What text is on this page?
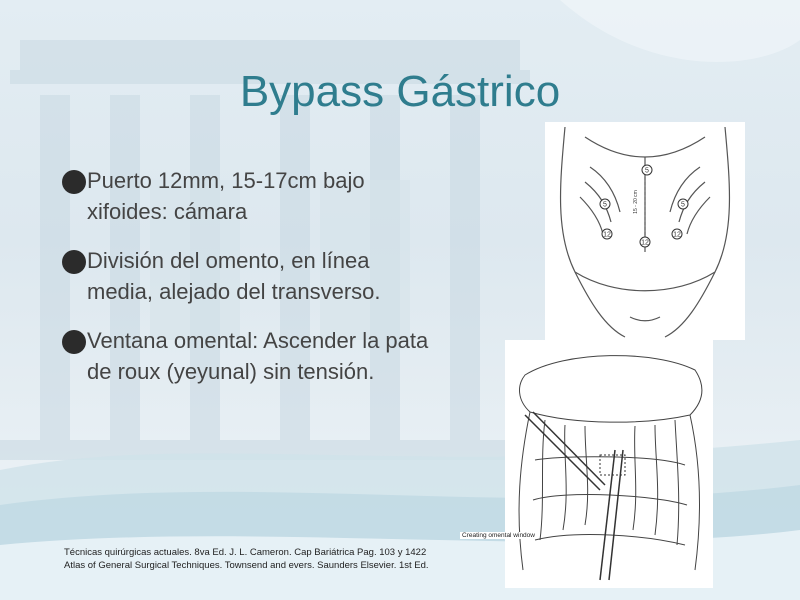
Bypass Gástrico
Puerto 12mm, 15-17cm bajo xifoides: cámara
División del omento, en línea media, alejado del transverso.
Ventana omental: Ascender la pata de roux (yeyunal) sin tensión.
5
5	5
12
12
12
15 - 20 cm
Creating omental window
Técnicas quirúrgicas actuales. 8va Ed. J. L. Cameron. Cap Bariátrica Pag. 103 y 1422
Atlas of General Surgical Techniques. Townsend and evers. Saunders Elsevier. 1st Ed.
